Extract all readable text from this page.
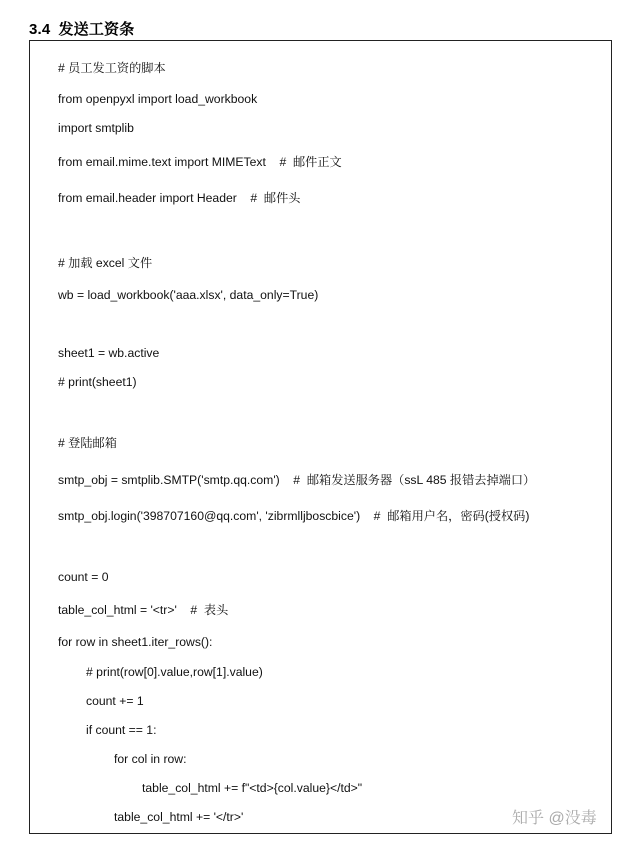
3.4 发送工资条
# 员工发工资的脚本
from openpyxl import load_workbook
import smtplib
from email.mime.text import MIMEText    #  邮件正文
from email.header import Header    #  邮件头
# 加载 excel 文件
wb = load_workbook('aaa.xlsx', data_only=True)
sheet1 = wb.active
# print(sheet1)
# 登陆邮箱
smtp_obj = smtplib.SMTP('smtp.qq.com')    #  邮箱发送服务器（ssL 485 报错去掉端口）
smtp_obj.login('398707160@qq.com', 'zibrmlljboscbice')    #  邮箱用户名，密码(授权码)
count = 0
table_col_html = '<tr>'    #  表头
for row in sheet1.iter_rows():
# print(row[0].value,row[1].value)
count += 1
if count == 1:
for col in row:
table_col_html += f"<td>{col.value}</td>"
table_col_html += '</tr>'	知乎 @没毒
